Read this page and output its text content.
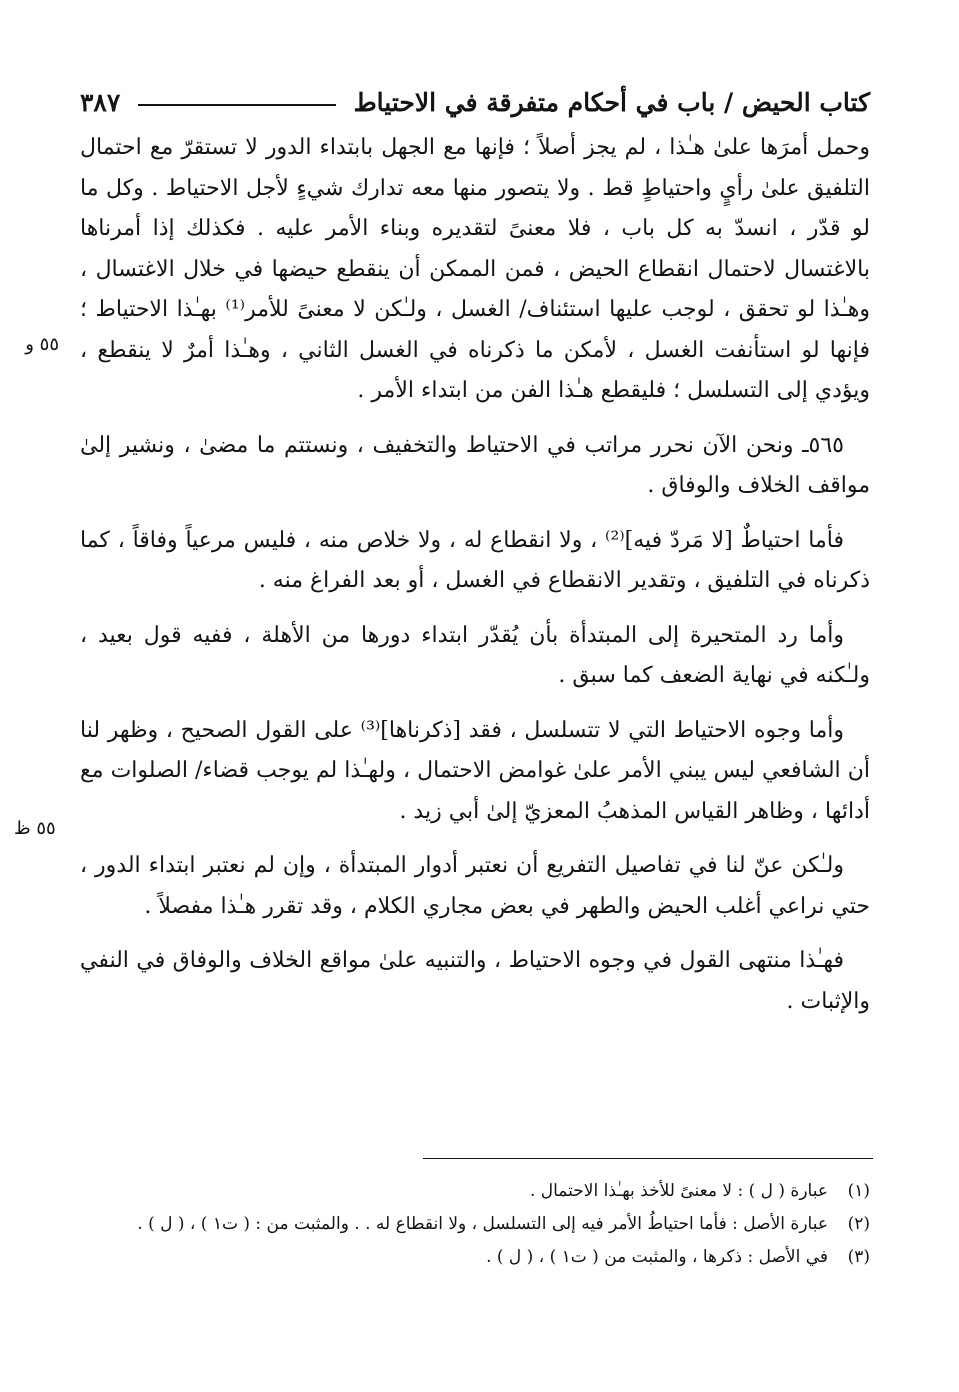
كتاب الحيض / باب في أحكام متفرقة في الاحتياط
٣٨٧

وحمل أمرَها علىٰ هـٰذا ، لم يجز أصلاً ؛ فإنها مع الجهل بابتداء الدور لا تستقرّ مع احتمال التلفيق علىٰ رأيٍ واحتياطٍ قط . ولا يتصور منها معه تدارك شيءٍ لأجل الاحتياط . وكل ما لو قدّر ، انسدّ به كل باب ، فلا معنىً لتقديره وبناء الأمر عليه . فكذلك إذا أمرناها بالاغتسال لاحتمال انقطاع الحيض ، فمن الممكن أن ينقطع حيضها في خلال الاغتسال ، وهـٰذا لو تحقق ، لوجب عليها استئناف/ الغسل ، ولـٰكن لا معنىً للأمر⁽¹⁾ بهـٰذا الاحتياط ؛ فإنها لو استأنفت الغسل ، لأمكن ما ذكرناه في الغسل الثاني ، وهـٰذا أمرٌ لا ينقطع ، ويؤدي إلى التسلسل ؛ فليقطع هـٰذا الفن من ابتداء الأمر .

٥٦٥ـ ونحن الآن نحرر مراتب في الاحتياط والتخفيف ، ونستتم ما مضىٰ ، ونشير إلىٰ مواقف الخلاف والوفاق .

فأما احتياطٌ [لا مَردّ فيه]⁽²⁾ ، ولا انقطاع له ، ولا خلاص منه ، فليس مرعياً وفاقاً ، كما ذكرناه في التلفيق ، وتقدير الانقطاع في الغسل ، أو بعد الفراغ منه .

وأما رد المتحيرة إلى المبتدأة بأن يُقدّر ابتداء دورها من الأهلة ، ففيه قول بعيد ، ولـٰكنه في نهاية الضعف كما سبق .

وأما وجوه الاحتياط التي لا تتسلسل ، فقد [ذكرناها]⁽³⁾ على القول الصحيح ، وظهر لنا أن الشافعي ليس يبني الأمر علىٰ غوامض الاحتمال ، ولهـٰذا لم يوجب قضاء/ الصلوات مع أدائها ، وظاهر القياس المذهبُ المعزيّ إلىٰ أبي زيد .

ولـٰكن عنّ لنا في تفاصيل التفريع أن نعتبر أدوار المبتدأة ، وإن لم نعتبر ابتداء الدور ، حتي نراعي أغلب الحيض والطهر في بعض مجاري الكلام ، وقد تقرر هـٰذا مفصلاً .

فهـٰذا منتهى القول في وجوه الاحتياط ، والتنبيه علىٰ مواقع الخلاف والوفاق في النفي والإثبات .

٥٥ و
٥٥ ظ
(١)
عبارة ( ل ) : لا معنىً للأخذ بهـٰذا الاحتمال .
(٢)
عبارة الأصل : فأما احتياطُ الأمر فيه إلى التسلسل ، ولا انقطاع له . . والمثبت من : ( ت١ ) ، ( ل ) .
(٣)
في الأصل : ذكرها ، والمثبت من ( ت١ ) ، ( ل ) .
